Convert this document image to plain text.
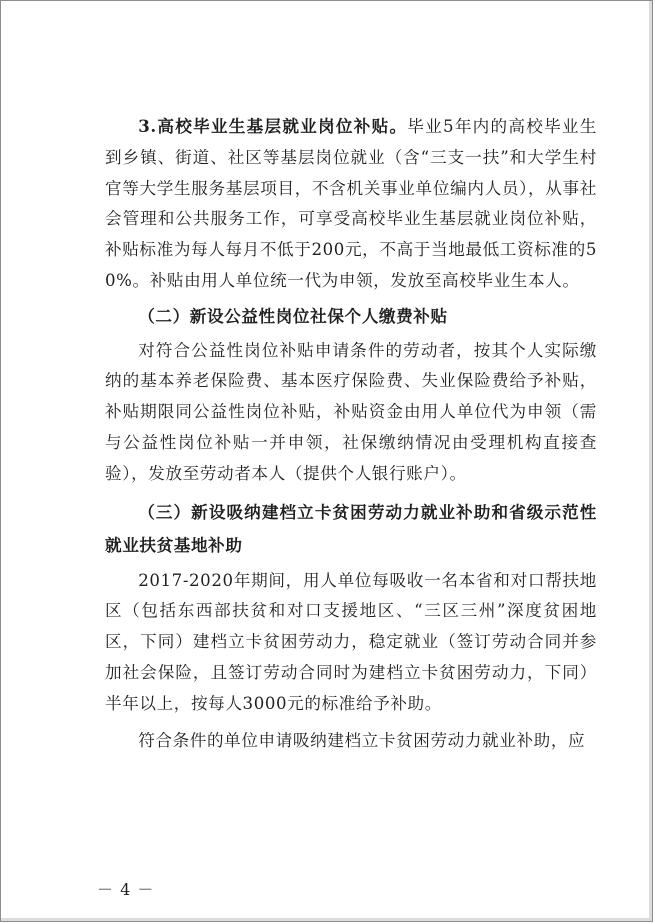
3.高校毕业生基层就业岗位补贴。毕业5年内的高校毕业生到乡镇、街道、社区等基层岗位就业（含“三支一扶”和大学生村官等大学生服务基层项目，不含机关事业单位编内人员），从事社会管理和公共服务工作，可享受高校毕业生基层就业岗位补贴，补贴标准为每人每月不低于200元，不高于当地最低工资标准的50%。补贴由用人单位统一代为申领，发放至高校毕业生本人。

（二）新设公益性岗位社保个人缴费补贴

对符合公益性岗位补贴申请条件的劳动者，按其个人实际缴纳的基本养老保险费、基本医疗保险费、失业保险费给予补贴，补贴期限同公益性岗位补贴，补贴资金由用人单位代为申领（需与公益性岗位补贴一并申领，社保缴纳情况由受理机构直接查验），发放至劳动者本人（提供个人银行账户）。

（三）新设吸纳建档立卡贫困劳动力就业补助和省级示范性就业扶贫基地补助

2017-2020年期间，用人单位每吸收一名本省和对口帮扶地区（包括东西部扶贫和对口支援地区、“三区三州”深度贫困地区，下同）建档立卡贫困劳动力，稳定就业（签订劳动合同并参加社会保险，且签订劳动合同时为建档立卡贫困劳动力，下同）半年以上，按每人3000元的标准给予补助。

符合条件的单位申请吸纳建档立卡贫困劳动力就业补助，应

－ 4 －
